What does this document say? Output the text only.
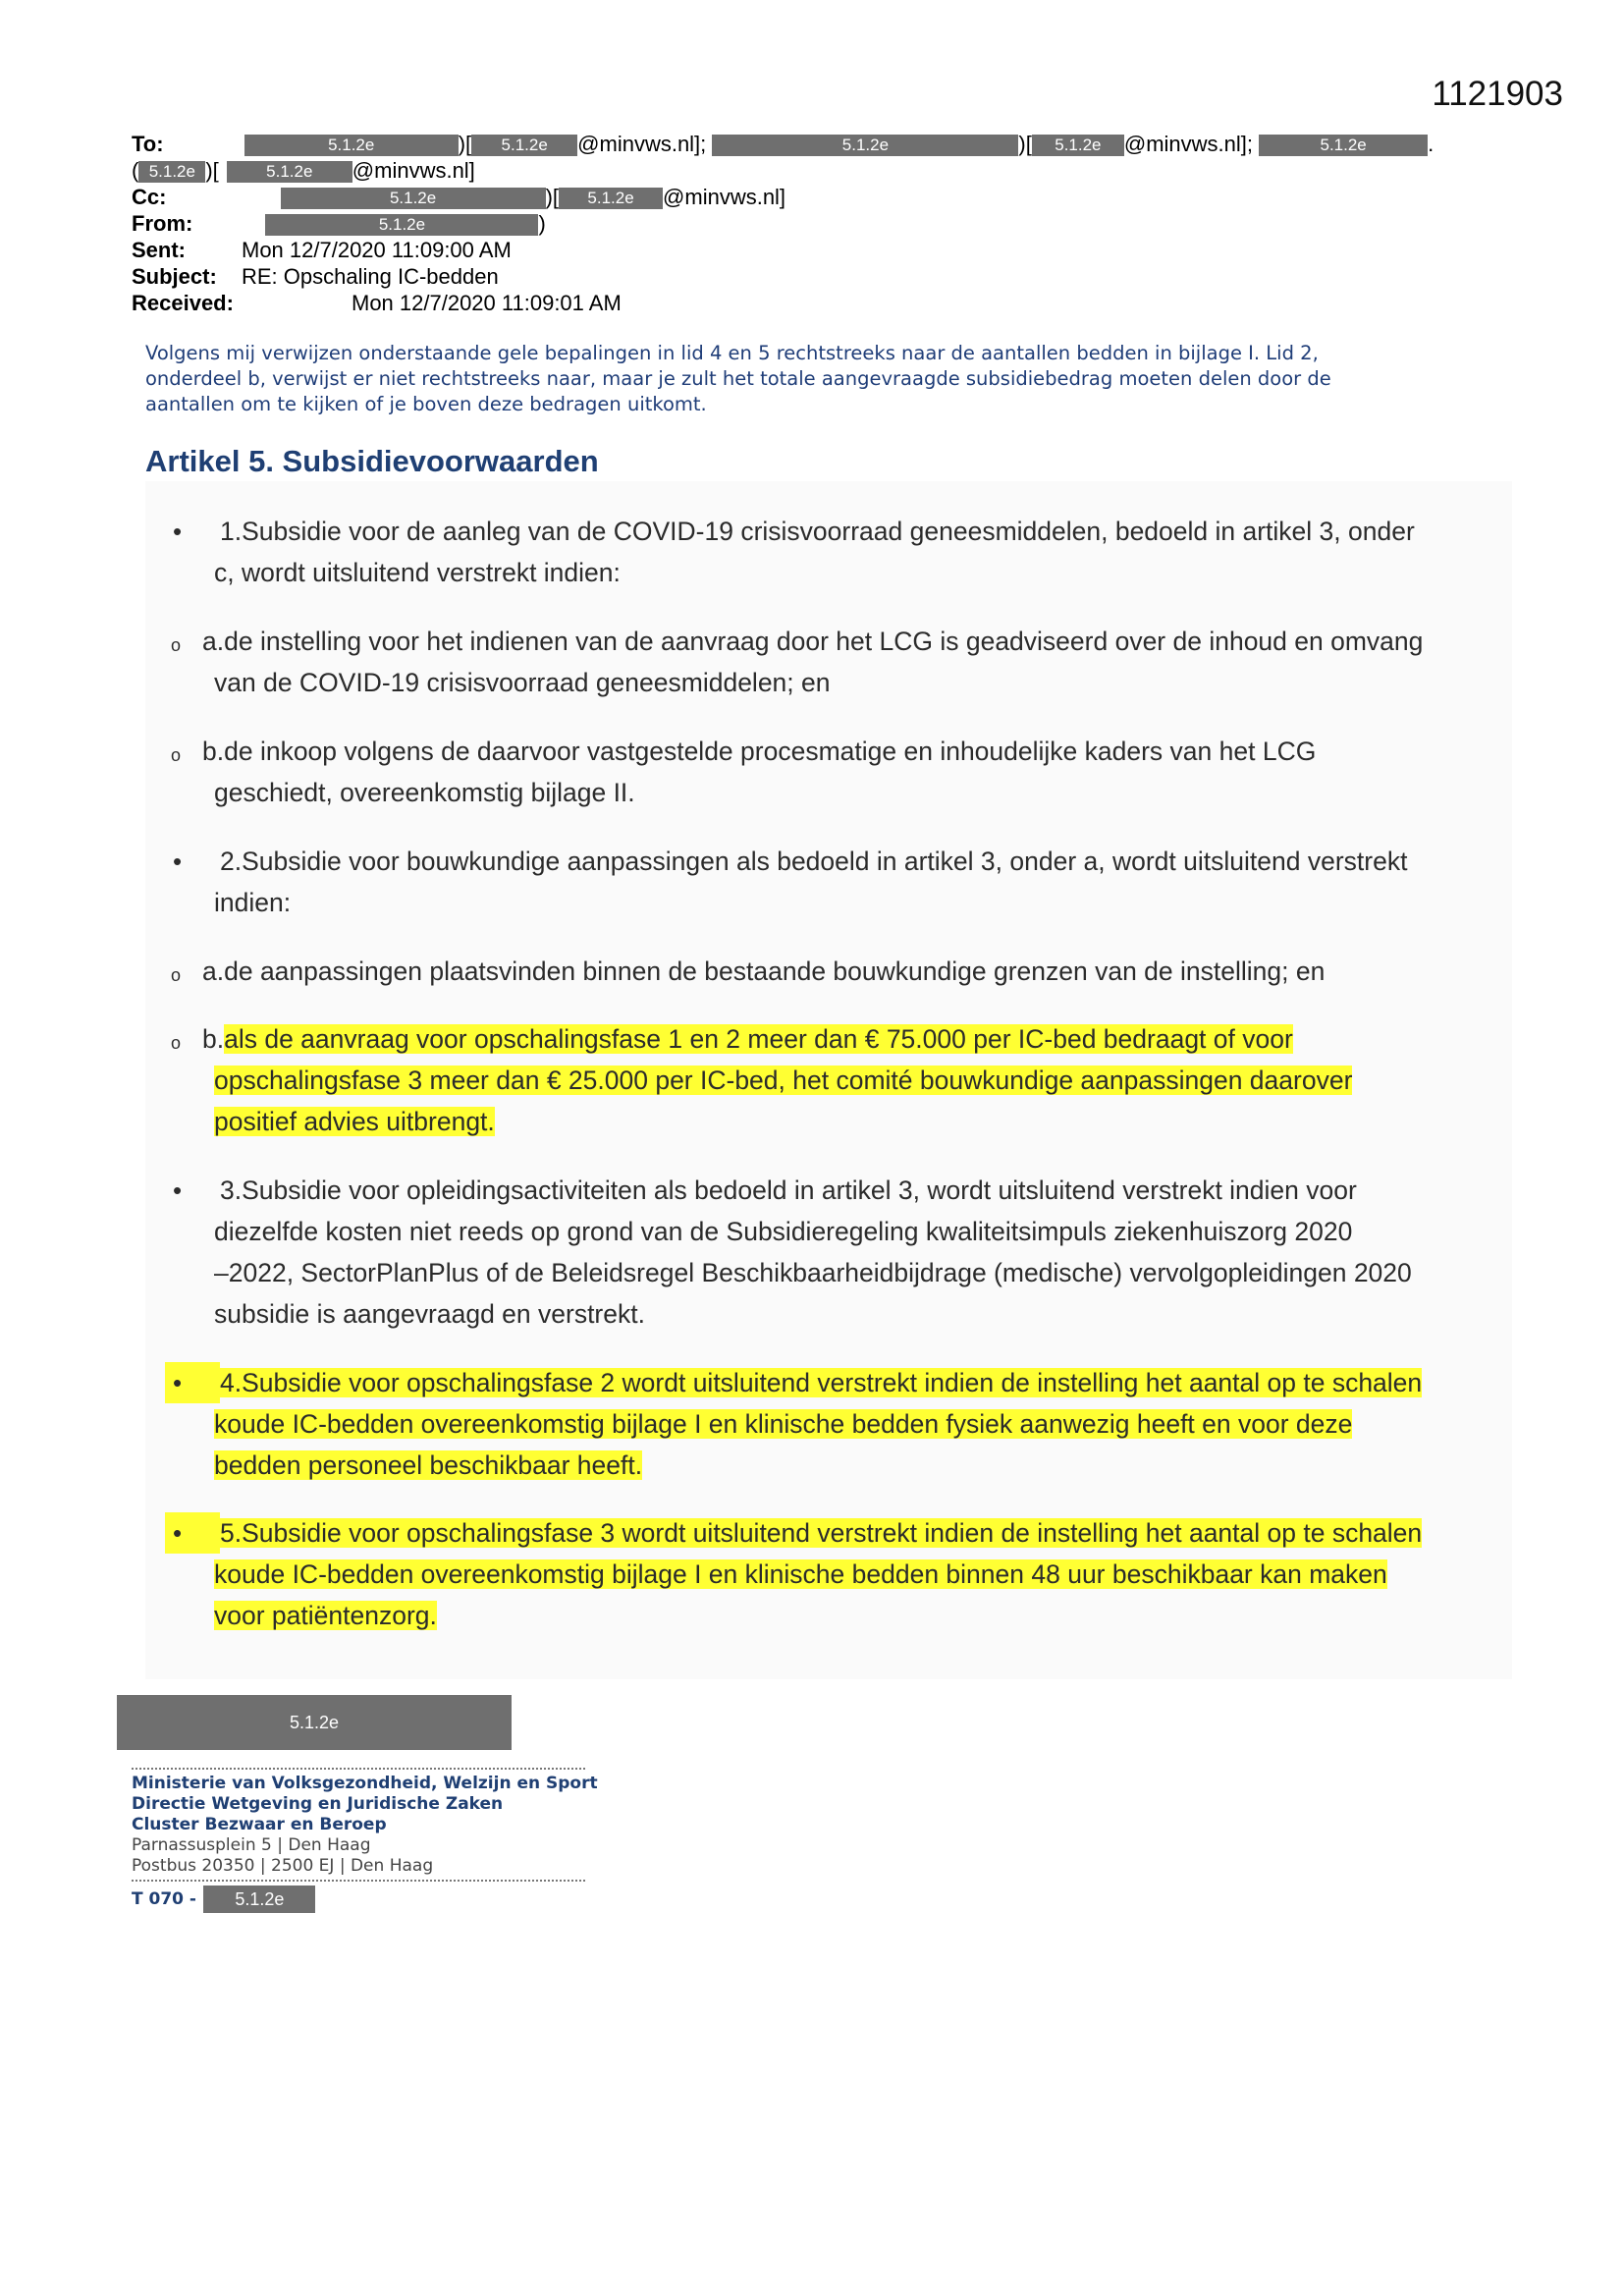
1121903
To:	5.1.2e	)[ 5.1.2e @minvws.nl];	5.1.2e	)[ 5.1.2e @minvws.nl];	5.1.2e	.
( 5.1.2e )[	5.1.2e @minvws.nl]
Cc:	5.1.2e	)[ 5.1.2e @minvws.nl]
From:	5.1.2e	)
Sent:	Mon 12/7/2020 11:09:00 AM
Subject: RE: Opschaling IC-bedden
Received:	Mon 12/7/2020 11:09:01 AM
Volgens mij verwijzen onderstaande gele bepalingen in lid 4 en 5 rechtstreeks naar de aantallen bedden in bijlage I. Lid 2,
onderdeel b, verwijst er niet rechtstreeks naar, maar je zult het totale aangevraagde subsidiebedrag moeten delen door de
aantallen om te kijken of je boven deze bedragen uitkomt.
Artikel 5. Subsidievoorwaarden
•	1.Subsidie voor de aanleg van de COVID-19 crisisvoorraad geneesmiddelen, bedoeld in artikel 3, onder
c, wordt uitsluitend verstrekt indien:
o a.de instelling voor het indienen van de aanvraag door het LCG is geadviseerd over de inhoud en omvang
van de COVID-19 crisisvoorraad geneesmiddelen; en
o b.de inkoop volgens de daarvoor vastgestelde procesmatige en inhoudelijke kaders van het LCG
geschiedt, overeenkomstig bijlage II.
•	2.Subsidie voor bouwkundige aanpassingen als bedoeld in artikel 3, onder a, wordt uitsluitend verstrekt
indien:
o a.de aanpassingen plaatsvinden binnen de bestaande bouwkundige grenzen van de instelling; en
o b.als de aanvraag voor opschalingsfase 1 en 2 meer dan € 75.000 per IC-bed bedraagt of voor
opschalingsfase 3 meer dan € 25.000 per IC-bed, het comité bouwkundige aanpassingen daarover
positief advies uitbrengt.
•	3.Subsidie voor opleidingsactiviteiten als bedoeld in artikel 3, wordt uitsluitend verstrekt indien voor
diezelfde kosten niet reeds op grond van de Subsidieregeling kwaliteitsimpuls ziekenhuiszorg 2020
–2022, SectorPlanPlus of de Beleidsregel Beschikbaarheidbijdrage (medische) vervolgopleidingen 2020
subsidie is aangevraagd en verstrekt.
• 4.Subsidie voor opschalingsfase 2 wordt uitsluitend verstrekt indien de instelling het aantal op te schalen
koude IC-bedden overeenkomstig bijlage I en klinische bedden fysiek aanwezig heeft en voor deze
bedden personeel beschikbaar heeft.
• 5.Subsidie voor opschalingsfase 3 wordt uitsluitend verstrekt indien de instelling het aantal op te schalen
koude IC-bedden overeenkomstig bijlage I en klinische bedden binnen 48 uur beschikbaar kan maken
voor patiëntenzorg.
5.1.2e
Ministerie van Volksgezondheid, Welzijn en Sport
Directie Wetgeving en Juridische Zaken
Cluster Bezwaar en Beroep
Parnassusplein 5 | Den Haag
Postbus 20350 | 2500 EJ | Den Haag
T 070 - 5.1.2e
